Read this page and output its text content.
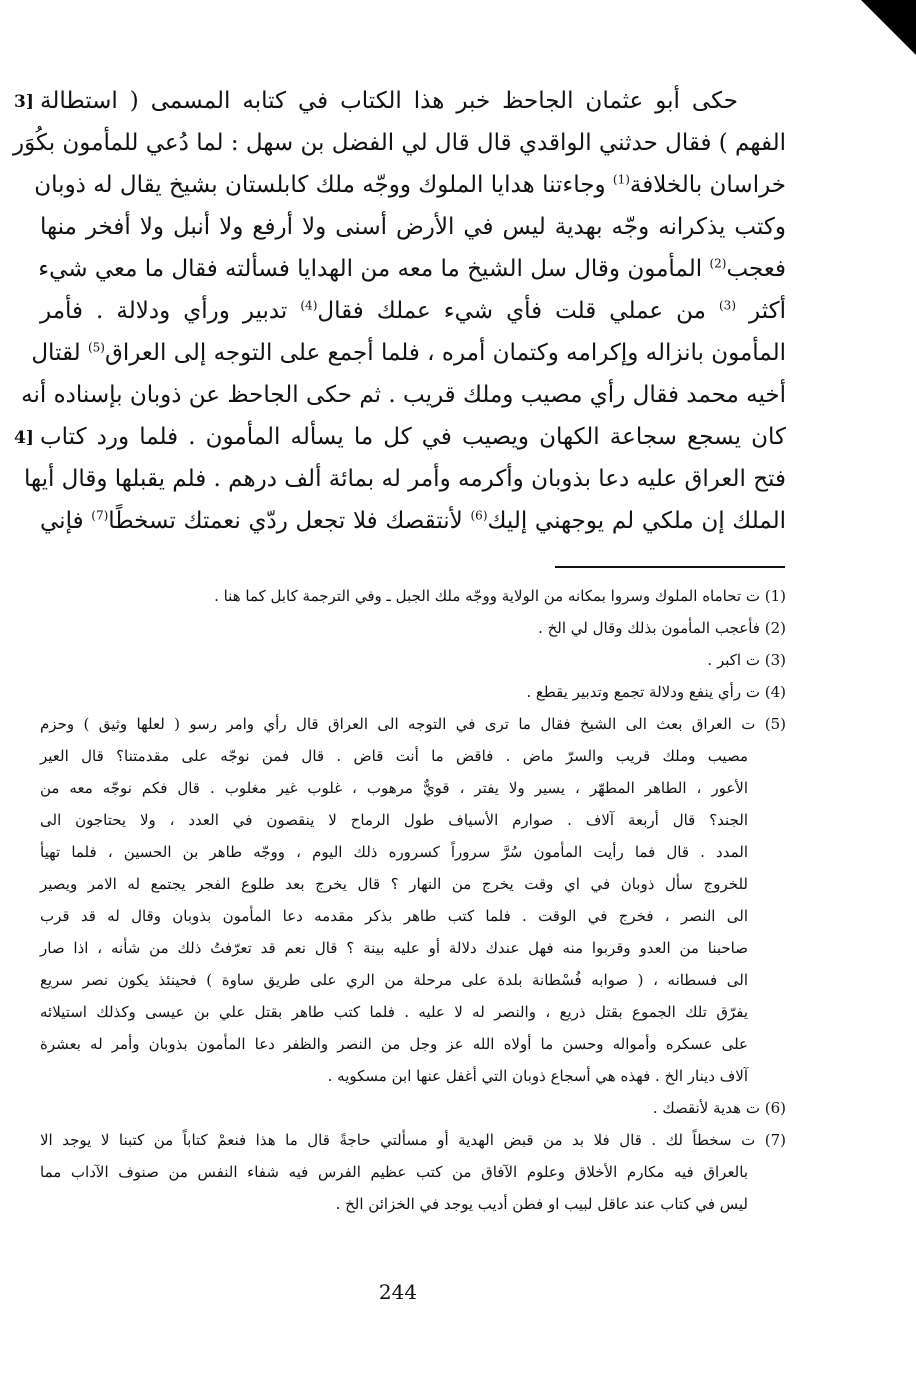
3]
4]
حكى أبو عثمان الجاحظ خبر هذا الكتاب في كتابه المسمى ( استطالة
الفهم ) فقال حدثني الواقدي قال قال لي الفضل بن سهل : لما دُعي للمأمون بكُوَر
خراسان بالخلافة$^{(1)}$ وجاءتنا هدايا الملوك ووجّه ملك كابلستان بشيخ يقال له ذوبان
وكتب يذكرانه وجّه بهدية ليس في الأرض أسنى ولا أرفع ولا أنبل ولا أفخر منها
فعجب$^{(2)}$ المأمون وقال سل الشيخ ما معه من الهدايا فسألته فقال ما معي شيء
أكثر $^{(3)}$ من عملي قلت فأي شيء عملك فقال$^{(4)}$ تدبير ورأي ودلالة . فأمر
المأمون بانزاله وإكرامه وكتمان أمره ، فلما أجمع على التوجه إلى العراق$^{(5)}$ لقتال
أخيه محمد فقال رأي مصيب وملك قريب . ثم حكى الجاحظ عن ذوبان بإسناده أنه
كان يسجع سجاعة الكهان ويصيب في كل ما يسأله المأمون . فلما ورد كتاب
فتح العراق عليه دعا بذوبان وأكرمه وأمر له بمائة ألف درهم . فلم يقبلها وقال أيها
الملك إن ملكي لم يوجهني إليك$^{(6)}$ لأنتقصك فلا تجعل ردّي نعمتك تسخطًا$^{(7)}$ فإني
(1) ت تحاماه الملوك وسروا بمكانه من الولاية ووجّه ملك الجبل ـ وفي الترجمة كابل كما هنا .
(2) فأعجب المأمون بذلك وقال لي الخ .
(3) ت اكبر .
(4) ت رأي ينفع ودلالة تجمع وتدبير يقطع .
(5) ت العراق بعث الى الشيخ فقال ما ترى في التوجه الى العراق قال رأي وامر رسو ( لعلها وثيق ) وحزم
مصيب وملك قريب والسرّ ماض . فاقض ما أنت قاض . قال فمن نوجّه على مقدمتنا؟ قال العير
الأعور ، الطاهر المطهّر ، يسير ولا يفتر ، قويٌّ مرهوب ، غلوب غير مغلوب . قال فكم نوجّه معه من
الجند؟ قال أربعة آلاف . صوارم الأسياف طول الرماح لا ينقصون في العدد ، ولا يحتاجون الى
المدد . قال فما رأيت المأمون سُرَّ سروراً كسروره ذلك اليوم ، ووجّه طاهر بن الحسين ، فلما تهيأ
للخروج سأل ذوبان في اي وقت يخرج من النهار ؟ قال يخرج بعد طلوع الفجر يجتمع له الامر ويصير
الى النصر ، فخرج في الوقت . فلما كتب طاهر بذكر مقدمه دعا المأمون بذوبان وقال له قد قرب
صاحبنا من العدو وقربوا منه فهل عندك دلالة أو عليه بينة ؟ قال نعم قد تعرّفتُ ذلك من شأنه ، اذا صار
الى فسطانه ، ( صوابه فُسْطانة بلدة على مرحلة من الري على طريق ساوة ) فحينئذ يكون نصر سريع
يفرّق تلك الجموع بقتل ذريع ، والنصر له لا عليه . فلما كتب طاهر بقتل علي بن عيسى وكذلك استيلائه
على عسكره وأمواله وحسن ما أولاه الله عز وجل من النصر والظفر دعا المأمون بذوبان وأمر له بعشرة
آلاف دينار الخ . فهذه هي أسجاع ذوبان التي أغفل عنها ابن مسكويه .
(6) ت هدية لأنقصك .
(7) ت سخطاً لك . قال فلا بد من قبض الهدية أو مسألتي حاجةً قال ما هذا فنعمْ كتاباً من كتبنا لا يوجد الا
بالعراق فيه مكارم الأخلاق وعلوم الآفاق من كتب عظيم الفرس فيه شفاء النفس من صنوف الآداب مما
ليس في كتاب عند عاقل لبيب او فطن أديب يوجد في الخزائن الخ .
244
